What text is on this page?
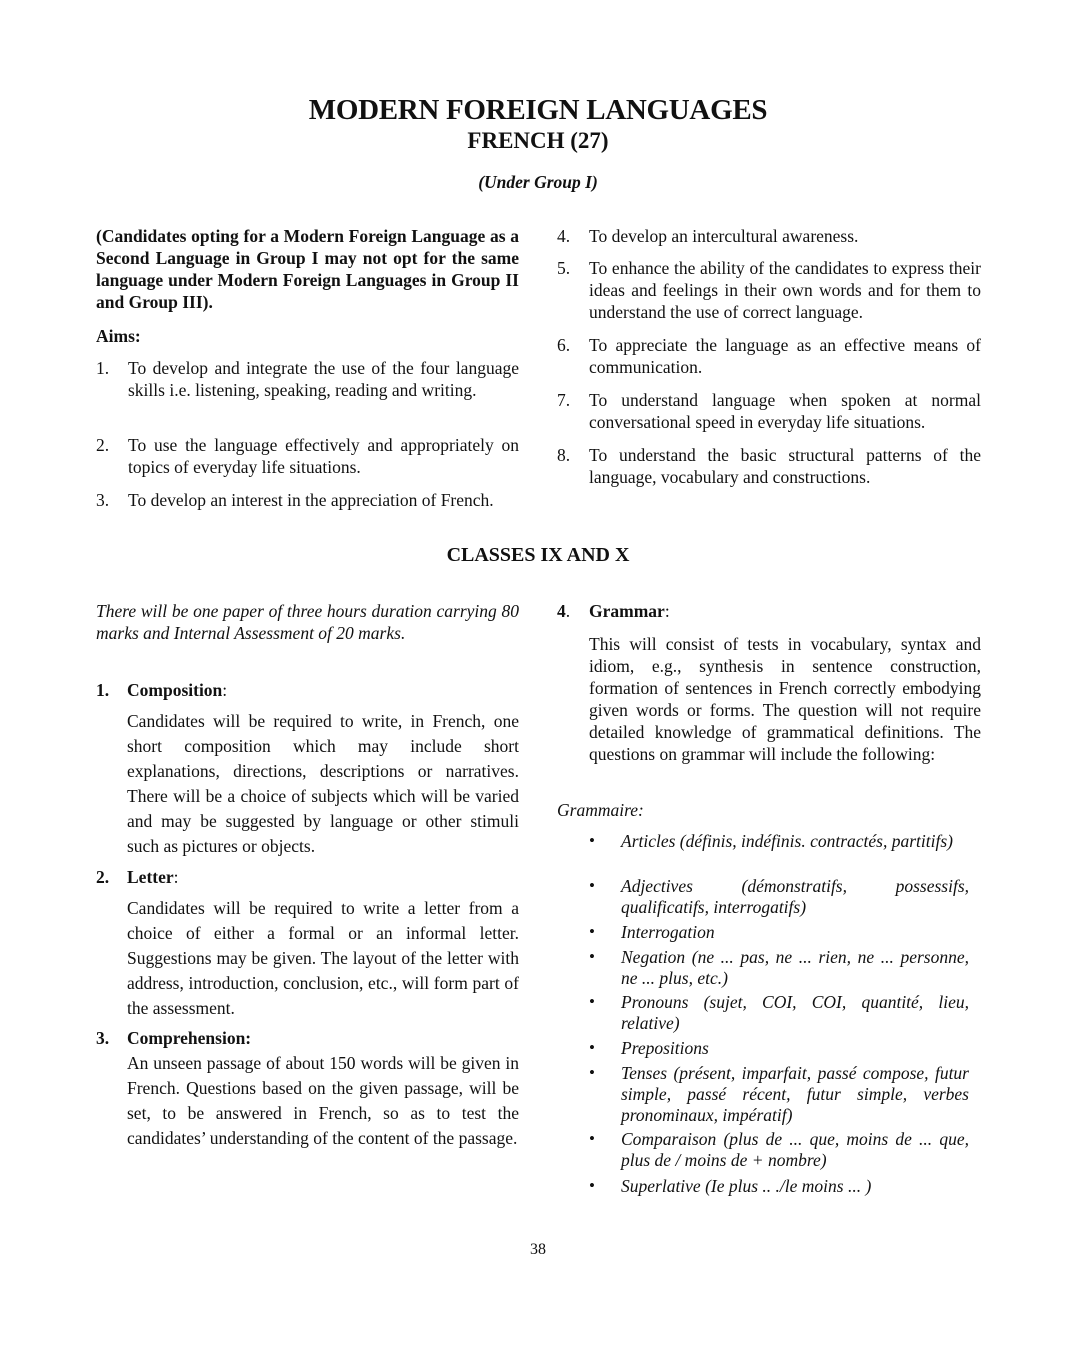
MODERN FOREIGN LANGUAGES
FRENCH (27)
(Under Group I)
(Candidates opting for a Modern Foreign Language as a Second Language in Group I may not opt for the same language under Modern Foreign Languages in Group II and Group III).
Aims:
1. To develop and integrate the use of the four language skills i.e. listening, speaking, reading and writing.
2. To use the language effectively and appropriately on topics of everyday life situations.
3. To develop an interest in the appreciation of French.
4. To develop an intercultural awareness.
5. To enhance the ability of the candidates to express their ideas and feelings in their own words and for them to understand the use of correct language.
6. To appreciate the language as an effective means of communication.
7. To understand language when spoken at normal conversational speed in everyday life situations.
8. To understand the basic structural patterns of the language, vocabulary and constructions.
CLASSES IX AND X
There will be one paper of three hours duration carrying 80 marks and Internal Assessment of 20 marks.
1. Composition:
Candidates will be required to write, in French, one short composition which may include short explanations, directions, descriptions or narratives. There will be a choice of subjects which will be varied and may be suggested by language or other stimuli such as pictures or objects.
2. Letter:
Candidates will be required to write a letter from a choice of either a formal or an informal letter. Suggestions may be given. The layout of the letter with address, introduction, conclusion, etc., will form part of the assessment.
3. Comprehension:
An unseen passage of about 150 words will be given in French. Questions based on the given passage, will be set, to be answered in French, so as to test the candidates’ understanding of the content of the passage.
4. Grammar:
This will consist of tests in vocabulary, syntax and idiom, e.g., synthesis in sentence construction, formation of sentences in French correctly embodying given words or forms. The question will not require detailed knowledge of grammatical definitions. The questions on grammar will include the following:
Grammaire:
• Articles (définis, indéfinis. contractés, partitifs)
• Adjectives (démonstratifs, possessifs, qualificatifs, interrogatifs)
• Interrogation
• Negation (ne ... pas, ne ... rien, ne ... personne, ne ... plus, etc.)
• Pronouns (sujet, COI, COI, quantité, lieu, relative)
• Prepositions
• Tenses (présent, imparfait, passé compose, futur simple, passé récent, futur simple, verbes pronominaux, impératif)
• Comparaison (plus de ... que, moins de ... que, plus de / moins de + nombre)
• Superlative (Ie plus .. ./le moins ... )
38
